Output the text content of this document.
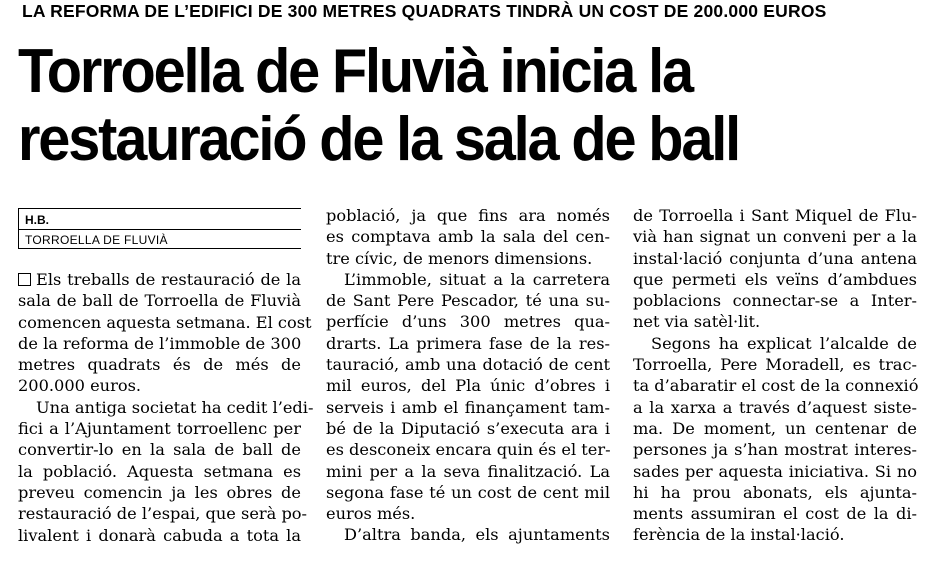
LA REFORMA DE L’EDIFICI DE 300 METRES QUADRATS TINDRÀ UN COST DE 200.000 EUROS
Torroella de Fluvià inicia la
restauració de la sala de ball
H.B.
TORROELLA DE FLUVIÀ
Els treballs de restauració de la
sala de ball de Torroella de Fluvià
comencen aquesta setmana. El cost
de la reforma de l’immoble de 300
metres quadrats és de més de
200.000 euros.
Una antiga societat ha cedit l’edi-
fici a l’Ajuntament torroellenc per
convertir-lo en la sala de ball de
la població. Aquesta setmana es
preveu comencin ja les obres de
restauració de l’espai, que serà po-
livalent i donarà cabuda a tota la
població, ja que fins ara només
es comptava amb la sala del cen-
tre cívic, de menors dimensions.
L’immoble, situat a la carretera
de Sant Pere Pescador, té una su-
perfície d’uns 300 metres qua-
drarts. La primera fase de la res-
tauració, amb una dotació de cent
mil euros, del Pla únic d’obres i
serveis i amb el finançament tam-
bé de la Diputació s’executa ara i
es desconeix encara quin és el ter-
mini per a la seva finalització. La
segona fase té un cost de cent mil
euros més.
D’altra banda, els ajuntaments
de Torroella i Sant Miquel de Flu-
vià han signat un conveni per a la
instal·lació conjunta d’una antena
que permeti els veïns d’ambdues
poblacions connectar-se a Inter-
net via satèl·lit.
Segons ha explicat l’alcalde de
Torroella, Pere Moradell, es trac-
ta d’abaratir el cost de la connexió
a la xarxa a través d’aquest siste-
ma. De moment, un centenar de
persones ja s’han mostrat interes-
sades per aquesta iniciativa. Si no
hi ha prou abonats, els ajunta-
ments assumiran el cost de la di-
ferència de la instal·lació.
